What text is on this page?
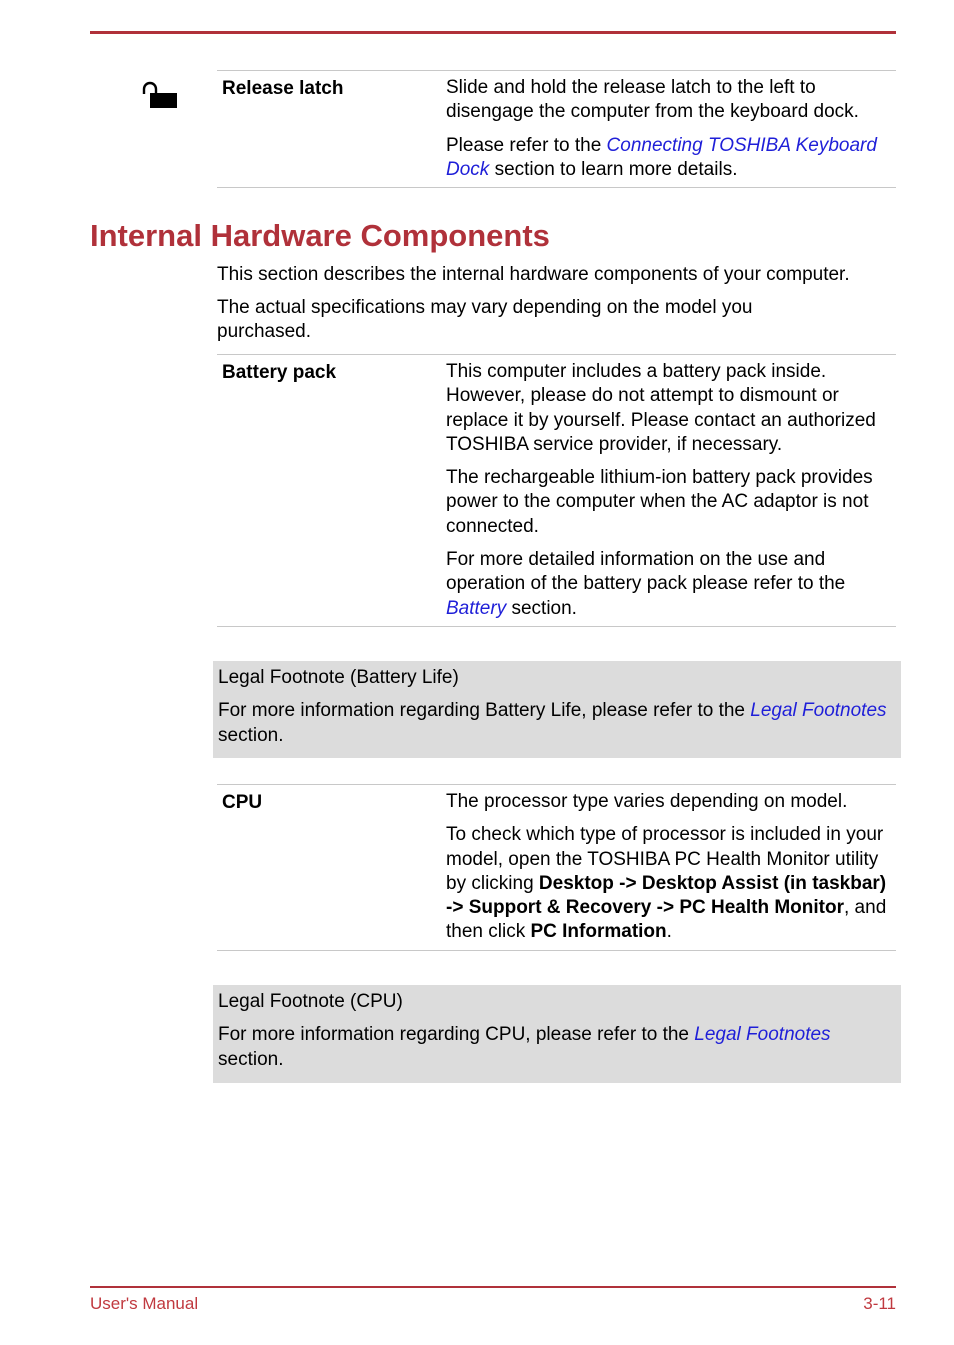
Release latch	Slide and hold the release latch to the left to disengage the computer from the keyboard dock.

Please refer to the Connecting TOSHIBA Keyboard Dock section to learn more details.

Internal Hardware Components

This section describes the internal hardware components of your computer.

The actual specifications may vary depending on the model you purchased.

Battery pack	This computer includes a battery pack inside. However, please do not attempt to dismount or replace it by yourself. Please contact an authorized TOSHIBA service provider, if necessary.

The rechargeable lithium-ion battery pack provides power to the computer when the AC adaptor is not connected.

For more detailed information on the use and operation of the battery pack please refer to the Battery section.

Legal Footnote (Battery Life)

For more information regarding Battery Life, please refer to the Legal Footnotes section.

CPU	The processor type varies depending on model.

To check which type of processor is included in your model, open the TOSHIBA PC Health Monitor utility by clicking Desktop -> Desktop Assist (in taskbar) -> Support & Recovery -> PC Health Monitor, and then click PC Information.

Legal Footnote (CPU)

For more information regarding CPU, please refer to the Legal Footnotes
section.

User's Manual	3-11
